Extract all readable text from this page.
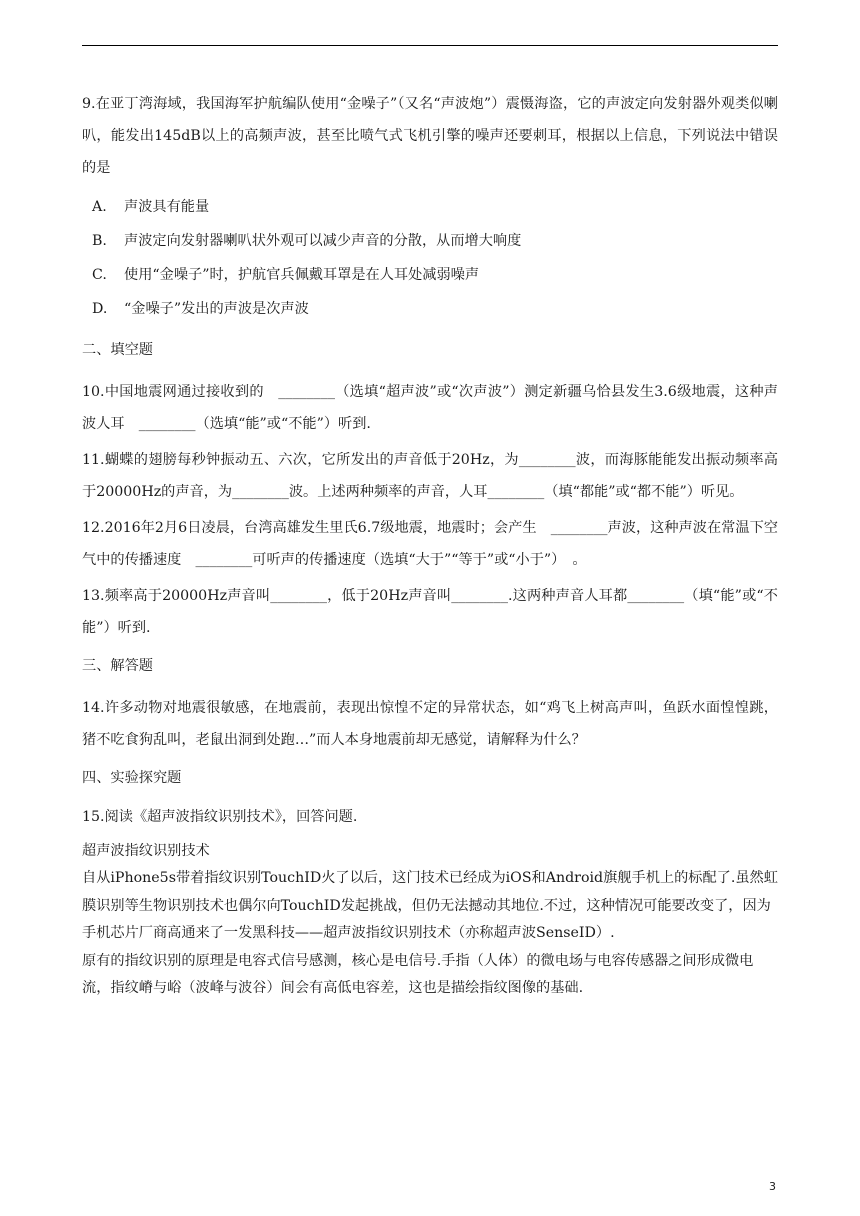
9.在亚丁湾海域，我国海军护航编队使用“金噪子”（又名“声波炮”）震慑海盗，它的声波定向发射器外观类似喇叭，能发出145dB以上的高频声波，甚至比喷气式飞机引擎的噪声还要刺耳，根据以上信息，下列说法中错误的是

A.	声波具有能量
B.	声波定向发射器喇叭状外观可以减少声音的分散，从而增大响度
C.	使用“金噪子”时，护航官兵佩戴耳罩是在人耳处减弱噪声
D.	“金噪子”发出的声波是次声波
二、填空题

10.中国地震网通过接收到的　________（选填“超声波”或“次声波”）测定新疆乌恰县发生3.6级地震，这种声波人耳　________（选填“能”或“不能”）听到.

11.蝴蝶的翅膀每秒钟振动五、六次，它所发出的声音低于20Hz，为________波，而海豚能能发出振动频率高于20000Hz的声音，为________波。上述两种频率的声音，人耳________（填“都能”或“都不能”）听见。

12.2016年2月6日凌晨，台湾高雄发生里氏6.7级地震，地震时；会产生　________声波，这种声波在常温下空气中的传播速度　________可听声的传播速度（选填“大于”“等于”或“小于”）　。

13.频率高于20000Hz声音叫________，低于20Hz声音叫________.这两种声音人耳都________（填“能”或“不能”）听到.

三、解答题

14.许多动物对地震很敏感，在地震前，表现出惊惶不定的异常状态，如“鸡飞上树高声叫，鱼跃水面惶惶跳，猪不吃食狗乱叫，老鼠出洞到处跑…”而人本身地震前却无感觉，请解释为什么？

四、实验探究题

15.阅读《超声波指纹识别技术》，回答问题.

超声波指纹识别技术

自从iPhone5s带着指纹识别TouchID火了以后，这门技术已经成为iOS和Android旗舰手机上的标配了.虽然虹膜识别等生物识别技术也偶尔向TouchID发起挑战，但仍无法撼动其地位.不过，这种情况可能要改变了，因为手机芯片厂商高通来了一发黑科技——超声波指纹识别技术（亦称超声波SenseID）.

原有的指纹识别的原理是电容式信号感测，核心是电信号.手指（人体）的微电场与电容传感器之间形成微电流，指纹嵴与峪（波峰与波谷）间会有高低电容差，这也是描绘指纹图像的基础.

3
